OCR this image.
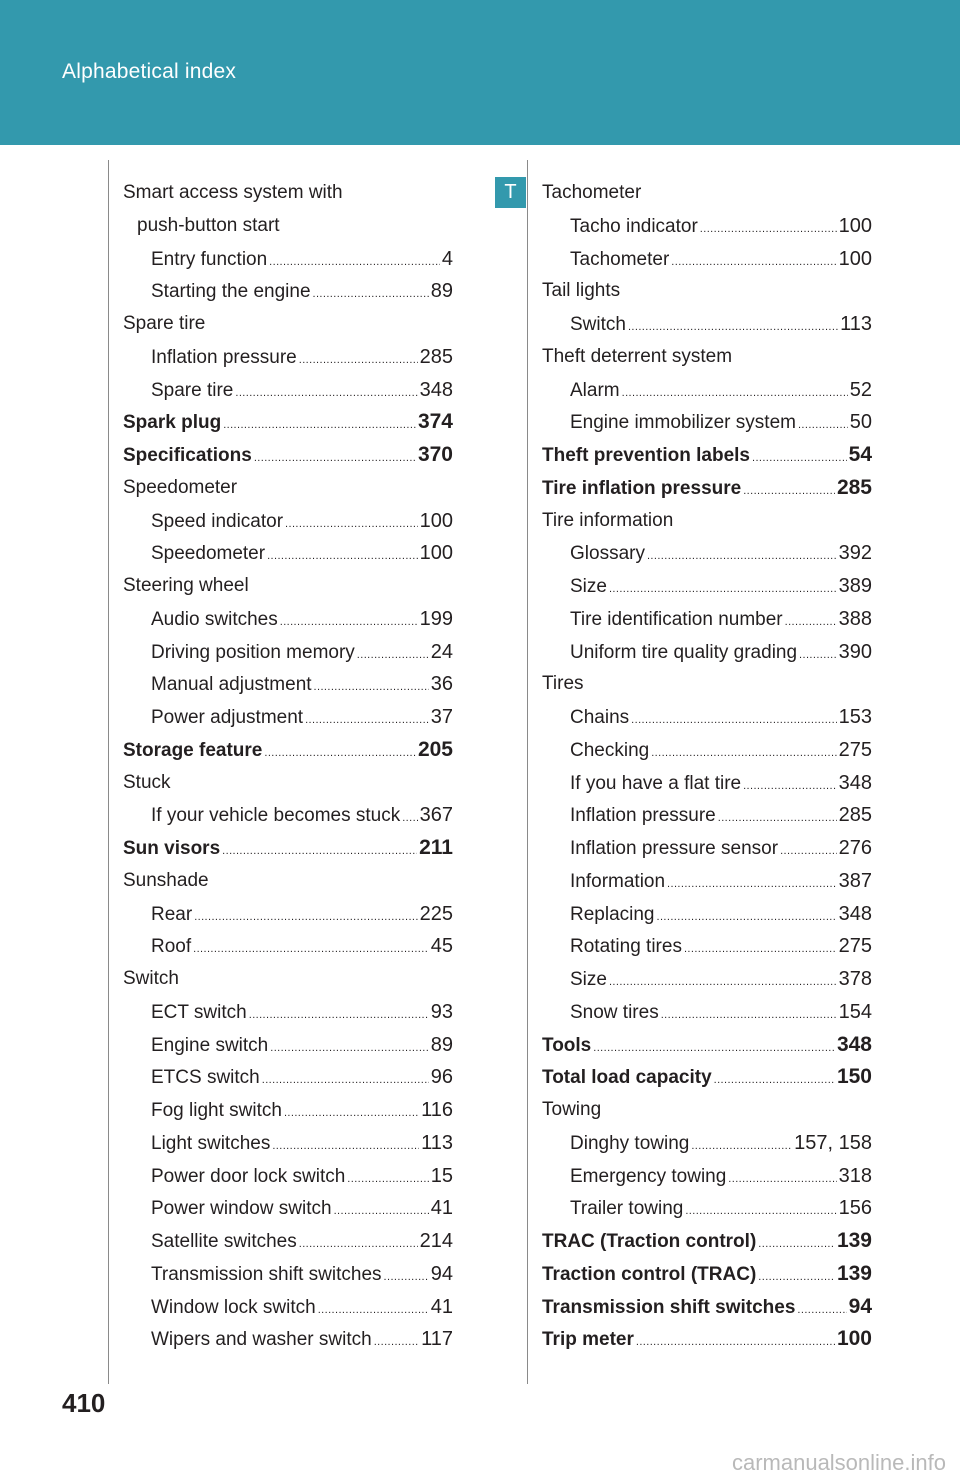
Alphabetical index
T
Smart access system with
push-button start
Entry function .....	4
Starting the engine .....	89
Spare tire
Inflation pressure .....	285
Spare tire .....	348
Spark plug .....	374
Specifications .....	370
Speedometer
Speed indicator .....	100
Speedometer .....	100
Steering wheel
Audio switches .....	199
Driving position memory .....	24
Manual adjustment .....	36
Power adjustment .....	37
Storage feature .....	205
Stuck
If your vehicle becomes stuck ..... 367
Sun visors .....	211
Sunshade
Rear .....	225
Roof .....	45
Switch
ECT switch .....	93
Engine switch .....	89
ETCS switch .....	96
Fog light switch .....	116
Light switches .....	113
Power door lock switch .....	15
Power window switch .....	41
Satellite switches .....	214
Transmission shift switches ..... 94
Window lock switch .....	41
Wipers and washer switch ..... 117
Tachometer
Tacho indicator .....	100
Tachometer .....	100
Tail lights
Switch .....	113
Theft deterrent system
Alarm .....	52
Engine immobilizer system .....	50
Theft prevention labels .....	54
Tire inflation pressure .....	285
Tire information
Glossary .....	392
Size .....	389
Tire identification number .....	388
Uniform tire quality grading ..... 390
Tires
Chains .....	153
Checking .....	275
If you have a flat tire .....	348
Inflation pressure .....	285
Inflation pressure sensor .....	276
Information .....	387
Replacing .....	348
Rotating tires .....	275
Size .....	378
Snow tires .....	154
Tools .....	348
Total load capacity .....	150
Towing
Dinghy towing .....	157, 158
Emergency towing .....	318
Trailer towing .....	156
TRAC (Traction control) .....	139
Traction control (TRAC) .....	139
Transmission shift switches .....	94
Trip meter .....	100
410
carmanualsonline.info
